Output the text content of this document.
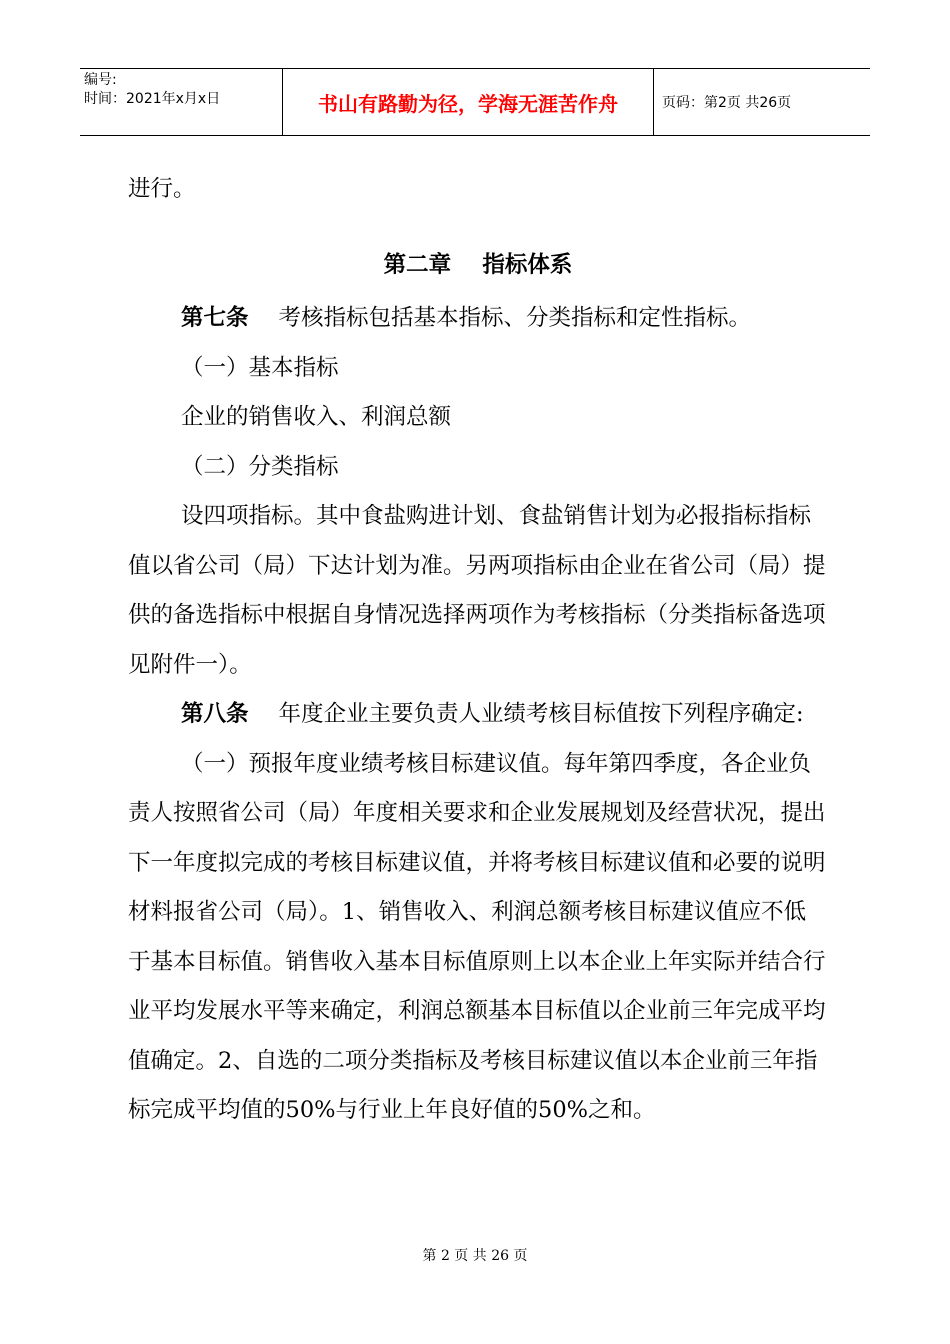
编号:
时间：2021年x月x日	书山有路勤为径，学海无涯苦作舟	页码：第2页 共26页

进行。

第二章    指标体系

第七条 考核指标包括基本指标、分类指标和定性指标。

（一）基本指标

企业的销售收入、利润总额

（二）分类指标

设四项指标。其中食盐购进计划、食盐销售计划为必报指标指标值以省公司（局）下达计划为准。另两项指标由企业在省公司（局）提供的备选指标中根据自身情况选择两项作为考核指标（分类指标备选项见附件一）。

第八条 年度企业主要负责人业绩考核目标值按下列程序确定:

（一）预报年度业绩考核目标建议值。每年第四季度，各企业负责人按照省公司（局）年度相关要求和企业发展规划及经营状况，提出下一年度拟完成的考核目标建议值，并将考核目标建议值和必要的说明材料报省公司（局）。1、销售收入、利润总额考核目标建议值应不低于基本目标值。销售收入基本目标值原则上以本企业上年实际并结合行业平均发展水平等来确定，利润总额基本目标值以企业前三年完成平均值确定。2、自选的二项分类指标及考核目标建议值以本企业前三年指标完成平均值的50%与行业上年良好值的50%之和。

第 2 页 共 26 页
